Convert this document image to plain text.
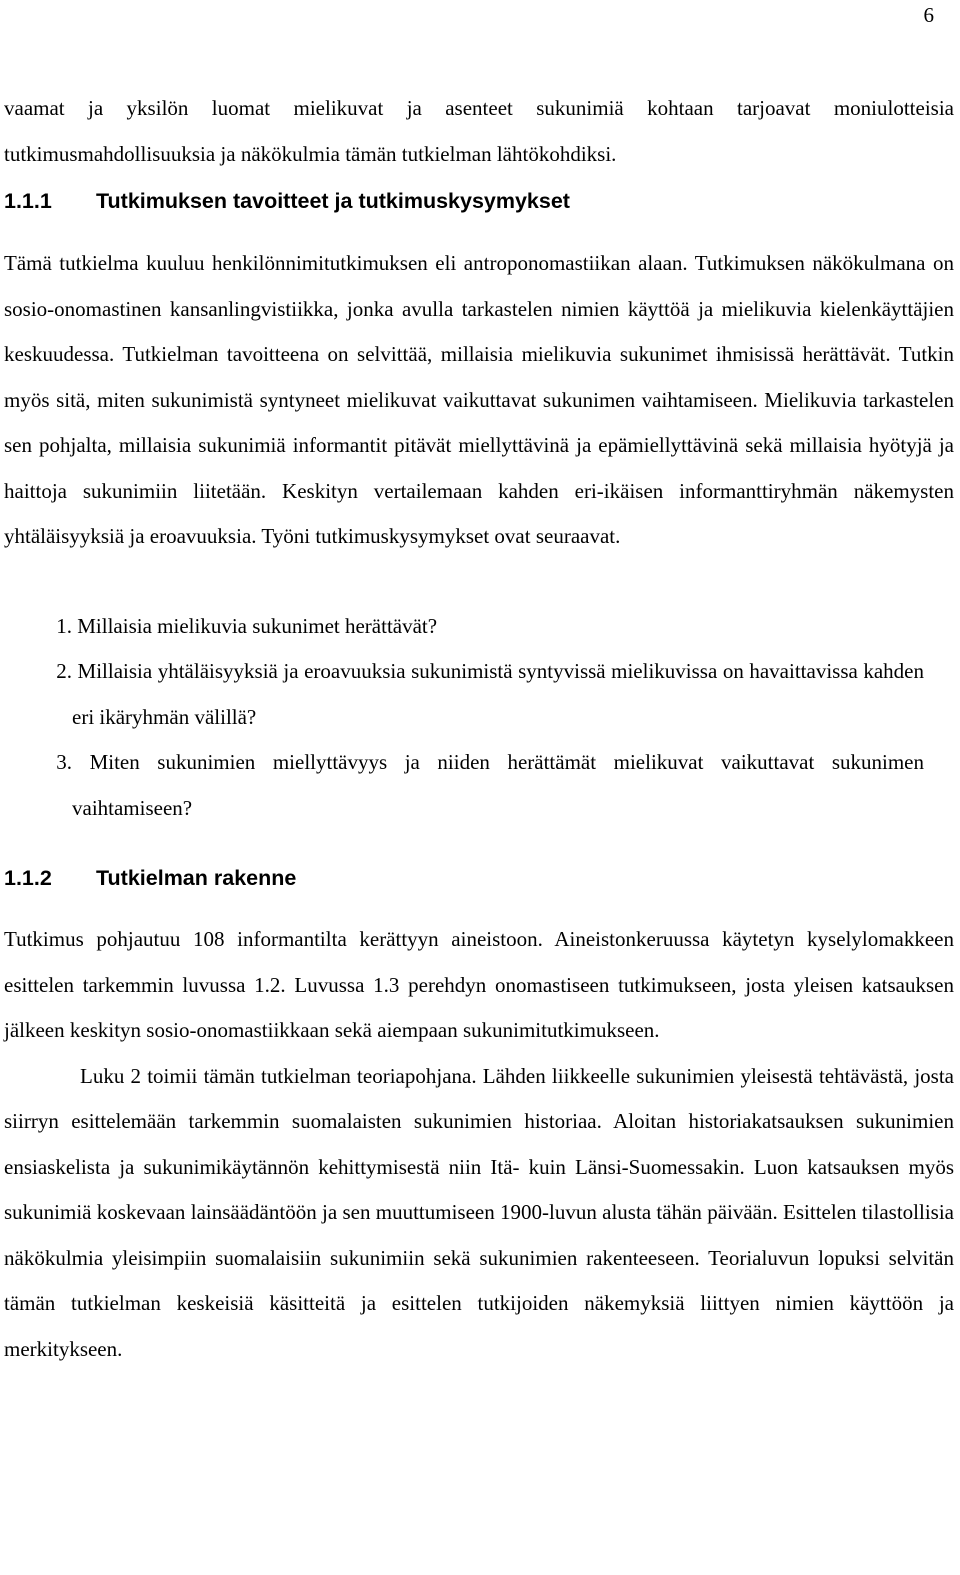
6

vaamat ja yksilön luomat mielikuvat ja asenteet sukunimiä kohtaan tarjoavat moniulotteisia tutkimusmahdollisuuksia ja näkökulmia tämän tutkielman lähtökohdiksi.

1.1.1	Tutkimuksen tavoitteet ja tutkimuskysymykset

Tämä tutkielma kuuluu henkilönnimitutkimuksen eli antroponomastiikan alaan. Tutkimuksen näkökulmana on sosio-onomastinen kansanlingvistiikka, jonka avulla tarkastelen nimien käyttöä ja mielikuvia kielenkäyttäjien keskuudessa. Tutkielman tavoitteena on selvittää, millaisia mielikuvia sukunimet ihmisissä herättävät. Tutkin myös sitä, miten sukunimistä syntyneet mielikuvat vaikuttavat sukunimen vaihtamiseen. Mielikuvia tarkastelen sen pohjalta, millaisia sukunimiä informantit pitävät miellyttävinä ja epämiellyttävinä sekä millaisia hyötyjä ja haittoja sukunimiin liitetään. Keskityn vertailemaan kahden eri-ikäisen informanttiryhmän näkemysten yhtäläisyyksiä ja eroavuuksia. Työni tutkimuskysymykset ovat seuraavat.

1. Millaisia mielikuvia sukunimet herättävät?
2. Millaisia yhtäläisyyksiä ja eroavuuksia sukunimistä syntyvissä mielikuvissa on havaittavissa kahden eri ikäryhmän välillä?
3. Miten sukunimien miellyttävyys ja niiden herättämät mielikuvat vaikuttavat sukunimen vaihtamiseen?
1.1.2	Tutkielman rakenne

Tutkimus pohjautuu 108 informantilta kerättyyn aineistoon. Aineistonkeruussa käytetyn kyselylomakkeen esittelen tarkemmin luvussa 1.2. Luvussa 1.3 perehdyn onomastiseen tutkimukseen, josta yleisen katsauksen jälkeen keskityn sosio-onomastiikkaan sekä aiempaan sukunimitutkimukseen.

Luku 2 toimii tämän tutkielman teoriapohjana. Lähden liikkeelle sukunimien yleisestä tehtävästä, josta siirryn esittelemään tarkemmin suomalaisten sukunimien historiaa. Aloitan historiakatsauksen sukunimien ensiaskelista ja sukunimikäytännön kehittymisestä niin Itä- kuin Länsi-Suomessakin. Luon katsauksen myös sukunimiä koskevaan lainsäädäntöön ja sen muuttumiseen 1900-luvun alusta tähän päivään. Esittelen tilastollisia näkökulmia yleisimpiin suomalaisiin sukunimiin sekä sukunimien rakenteeseen. Teorialuvun lopuksi selvitän tämän tutkielman keskeisiä käsitteitä ja esittelen tutkijoiden näkemyksiä liittyen nimien käyttöön ja merkitykseen.
